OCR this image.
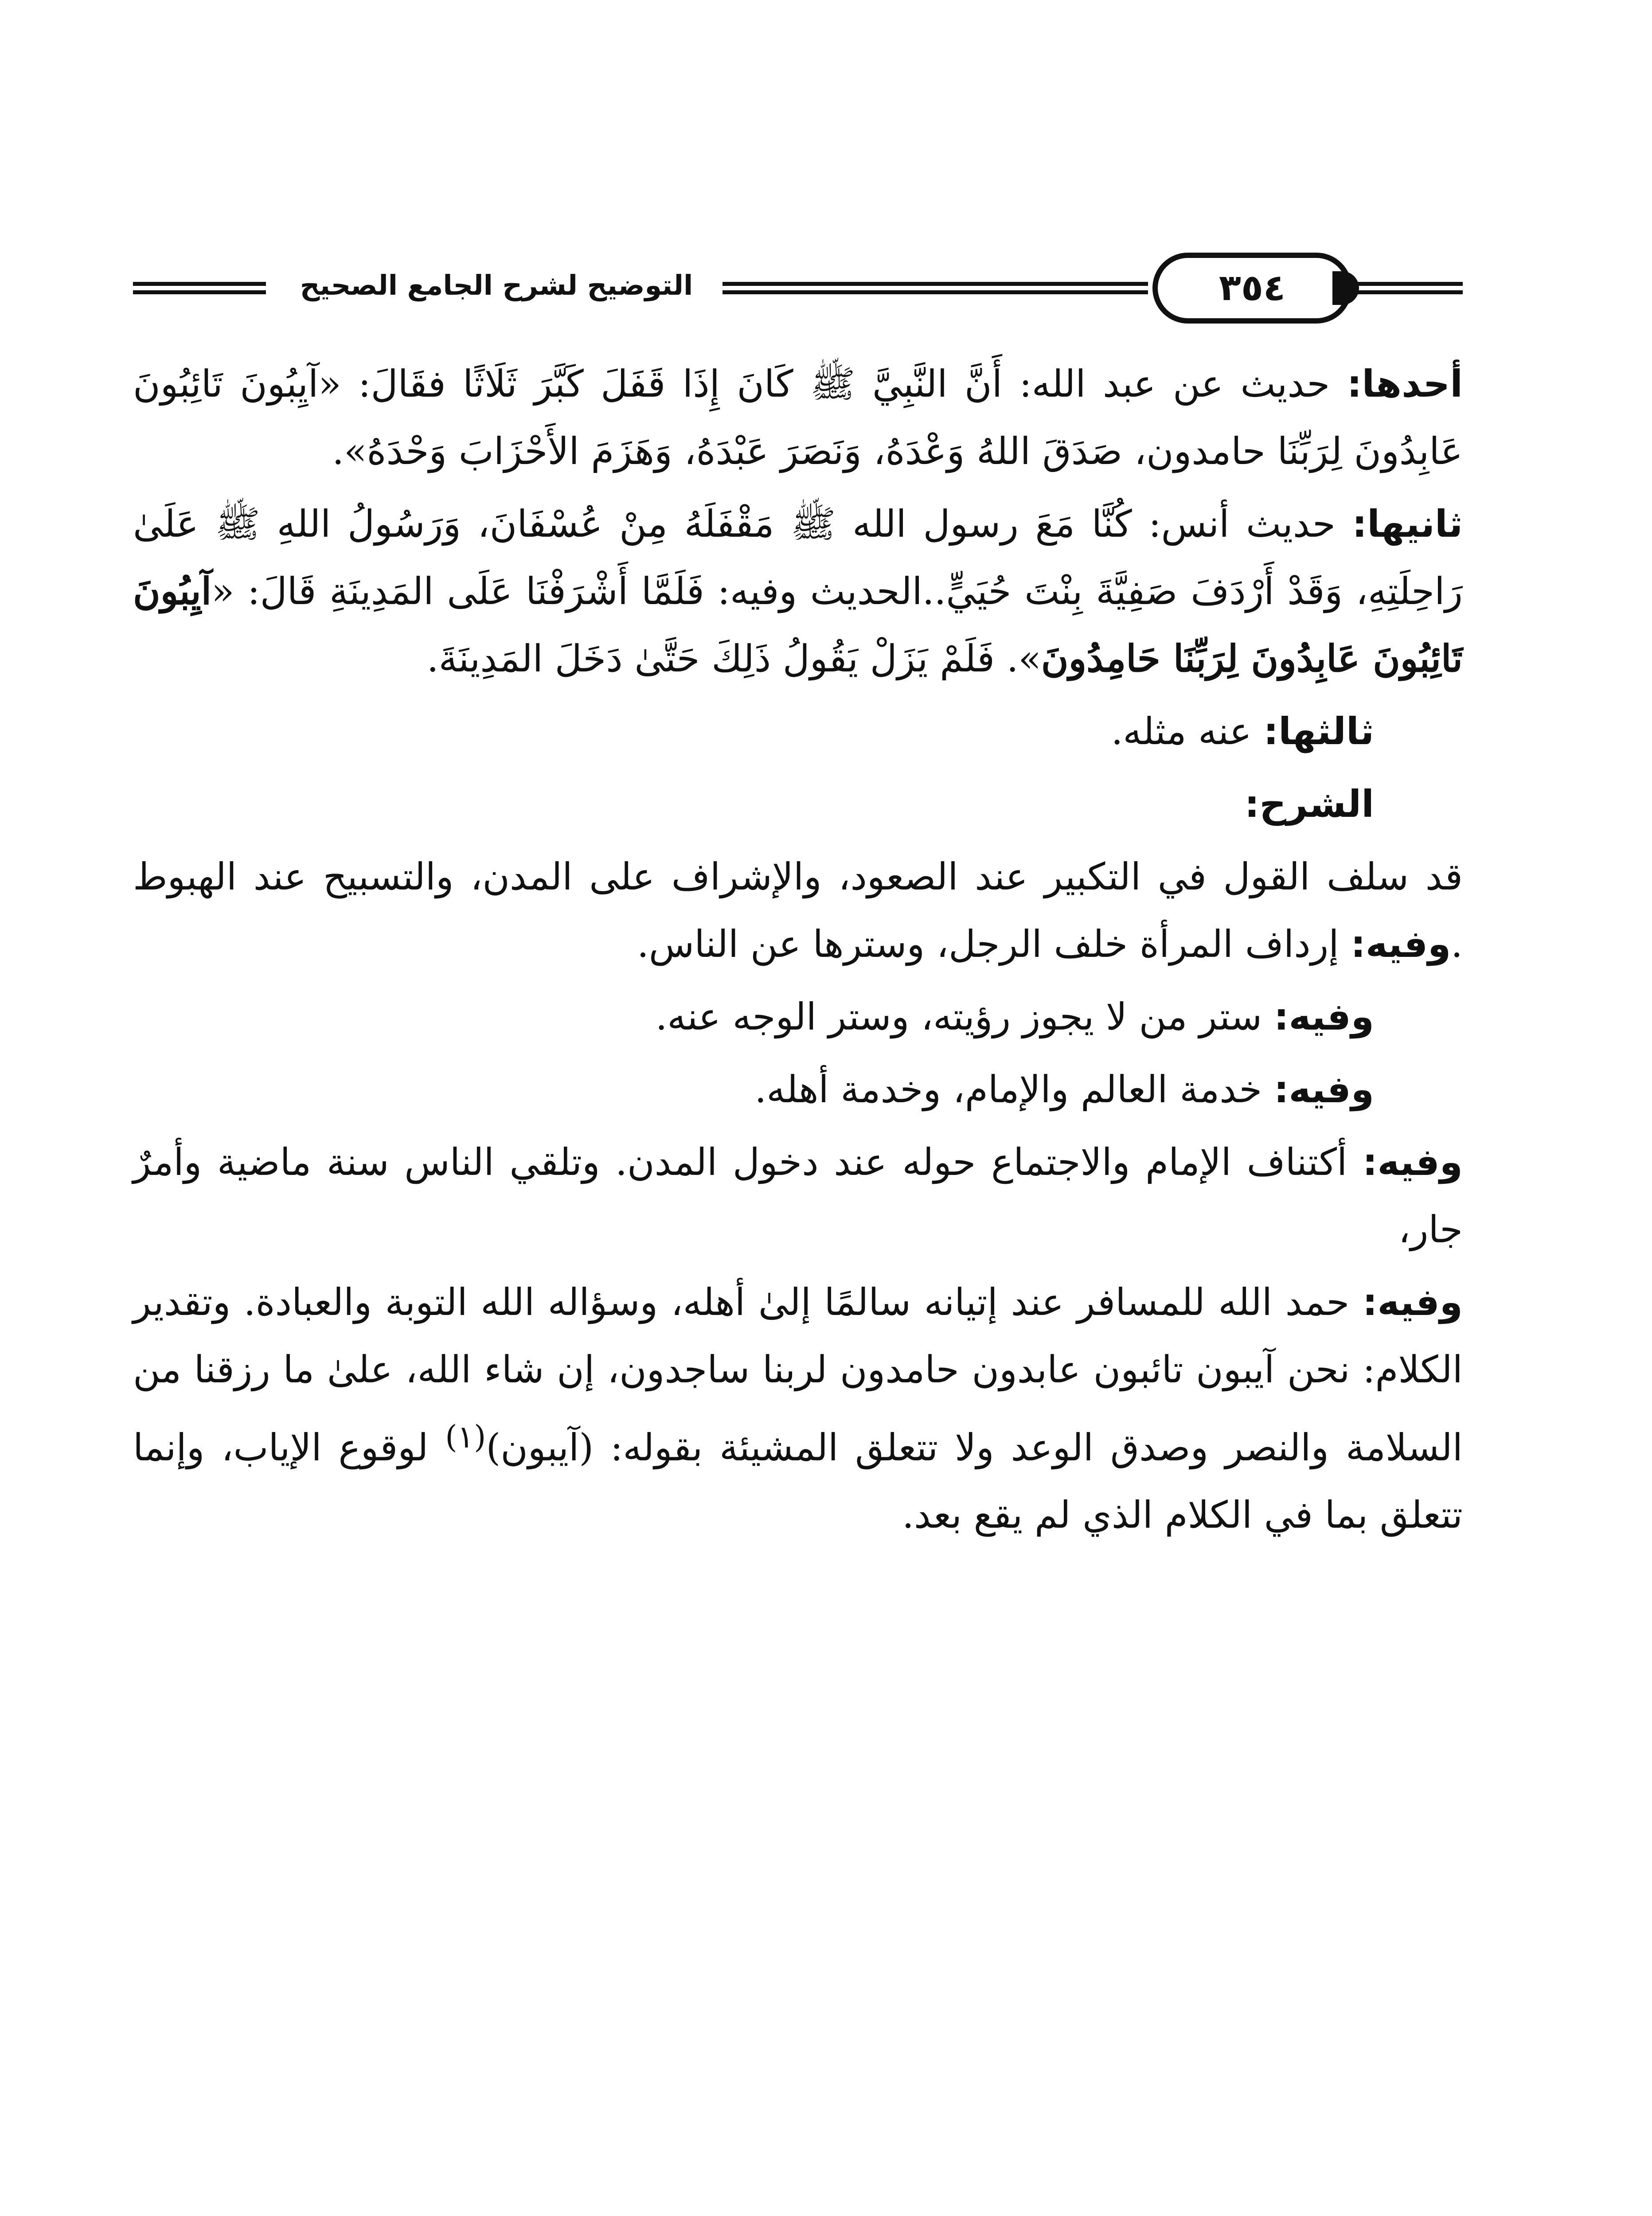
التوضيح لشرح الجامع الصحيح	٣٥٤

أحدها: حديث عن عبد الله: أَنَّ النَّبِيَّ ﷺ كَانَ إِذَا قَفَلَ كَبَّرَ ثَلَاثًا فقَالَ: «آيِبُونَ تَائِبُونَ عَابِدُونَ لِرَبِّنَا حامدون، صَدَقَ اللهُ وَعْدَهُ، وَنَصَرَ عَبْدَهُ، وَهَزَمَ الأَحْزَابَ وَحْدَهُ».

ثانيها: حديث أنس: كُنَّا مَعَ رسول الله ﷺ مَقْفَلَهُ مِنْ عُسْفَانَ، وَرَسُولُ اللهِ ﷺ عَلَىٰ رَاحِلَتِهِ، وَقَدْ أَرْدَفَ صَفِيَّةَ بِنْتَ حُيَيٍّ..الحديث وفيه: فَلَمَّا أَشْرَفْنَا عَلَى المَدِينَةِ قَالَ: «آيِبُونَ تَائِبُونَ عَابِدُونَ لِرَبِّنَا حَامِدُونَ». فَلَمْ يَزَلْ يَقُولُ ذَلِكَ حَتَّىٰ دَخَلَ المَدِينَةَ.

ثالثها: عنه مثله.

الشرح:

قد سلف القول في التكبير عند الصعود، والإشراف على المدن، والتسبيح عند الهبوط .وفيه: إرداف المرأة خلف الرجل، وسترها عن الناس.

وفيه: ستر من لا يجوز رؤيته، وستر الوجه عنه.

وفيه: خدمة العالم والإمام، وخدمة أهله.

وفيه: أكتناف الإمام والاجتماع حوله عند دخول المدن. وتلقي الناس سنة ماضية وأمرٌ جار،

وفيه: حمد الله للمسافر عند إتيانه سالمًا إلىٰ أهله، وسؤاله الله التوبة والعبادة. وتقدير الكلام: نحن آيبون تائبون عابدون حامدون لربنا ساجدون، إن شاء الله، علىٰ ما رزقنا من السلامة والنصر وصدق الوعد ولا تتعلق المشيئة بقوله: (آيبون)$^{(١)}$ لوقوع الإياب، وإنما تتعلق بما في الكلام الذي لم يقع بعد.
